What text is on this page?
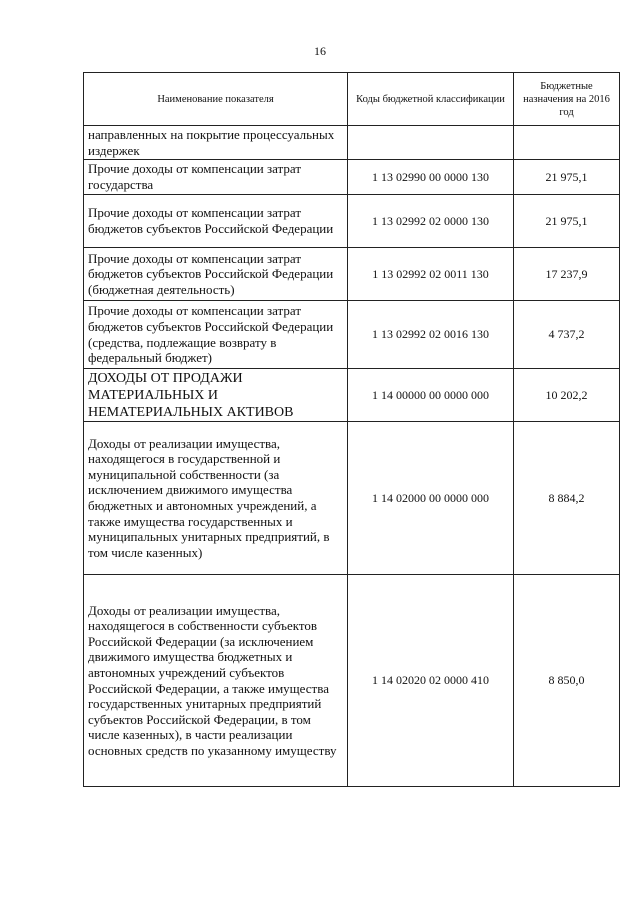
16
Наименование показателя	Коды бюджетной классификации	Бюджетные назначения на 2016 год
направленных на покрытие процессуальных издержек		
Прочие доходы от компенсации затрат государства	1 13 02990 00 0000 130	21 975,1
Прочие доходы от компенсации затрат бюджетов субъектов Российской Федерации	1 13 02992 02 0000 130	21 975,1
Прочие доходы от компенсации затрат бюджетов субъектов Российской Федерации (бюджетная деятельность)	1 13 02992 02 0011 130	17 237,9
Прочие доходы от компенсации затрат бюджетов субъектов Российской Федерации (средства, подлежащие возврату в федеральный бюджет)	1 13 02992 02 0016 130	4 737,2
ДОХОДЫ ОТ ПРОДАЖИ МАТЕРИАЛЬНЫХ И НЕМАТЕРИАЛЬНЫХ АКТИВОВ	1 14 00000 00 0000 000	10 202,2
Доходы от реализации имущества, находящегося в государственной и муниципальной собственности (за исключением движимого имущества бюджетных и автономных учреждений, а также имущества государственных и муниципальных унитарных предприятий, в том числе казенных)	1 14 02000 00 0000 000	8 884,2
Доходы от реализации имущества, находящегося в собственности субъектов Российской Федерации (за исключением движимого имущества бюджетных и автономных учреждений субъектов Российской Федерации, а также имущества государственных унитарных предприятий субъектов Российской Федерации, в том числе казенных), в части реализации основных средств по указанному имуществу	1 14 02020 02 0000 410	8 850,0
